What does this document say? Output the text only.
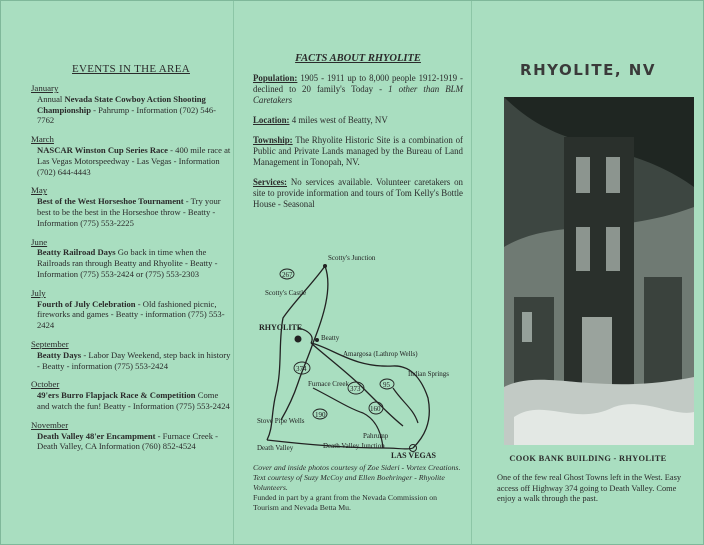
EVENTS IN THE AREA
January
Annual Nevada State Cowboy Action Shooting Championship - Pahrump - Information (702) 546-7762
March
NASCAR Winston Cup Series Race - 400 mile race at Las Vegas Motorspeedway - Las Vegas - Information (702) 644-4443
May
Best of the West Horseshoe Tournament - Try your best to be the best in the Horseshoe throw - Beatty - Information (775) 553-2225
June
Beatty Railroad Days Go back in time when the Railroads ran through Beatty and Rhyolite - Beatty - Information (775) 553-2424 or (775) 553-2303
July
Fourth of July Celebration - Old fashioned picnic, fireworks and games - Beatty - information (775) 553-2424
September
Beatty Days - Labor Day Weekend, step back in history - Beatty - information (775) 553-2424
October
49'ers Burro Flapjack Race & Competition Come and watch the fun! Beatty - Information (775) 553-2424
November
Death Valley 48'er Encampment - Furnace Creek - Death Valley, CA Information (760) 852-4524
FACTS ABOUT RHYOLITE
Population: 1905 - 1911 up to 8,000 people 1912-1919 - declined to 20 family's Today - 1 other than BLM Caretakers
Location: 4 miles west of Beatty, NV
Township: The Rhyolite Historic Site is a combination of Public and Private Lands managed by the Bureau of Land Management in Tonopah, NV.
Services: No services available. Volunteer caretakers on site to provide information and tours of Tom Kelly's Bottle House - Seasonal
267
374
373	95
190
160
Scotty's Junction
Scotty's Castle
RHYOLITE
Beatty
Amargosa (Lathrop Wells)
Indian Springs
Furnace Creek
Stove Pipe Wells
Death Valley	Death Valley Junction
Pahrump
LAS VEGAS
Cover and inside photos courtesy of Zoe Sideri - Vortex Creations. Text courtesy of Suzy McCoy and Ellen Boehringer - Rhyolite Volunteers.
Funded in part by a grant from the Nevada Commission on Tourism and Nevada Betta Mu.
RHYOLITE, NV
COOK BANK BUILDING - RHYOLITE
One of the few real Ghost Towns left in the West. Easy access off Highway 374 going to Death Valley. Come enjoy a walk through the past.
